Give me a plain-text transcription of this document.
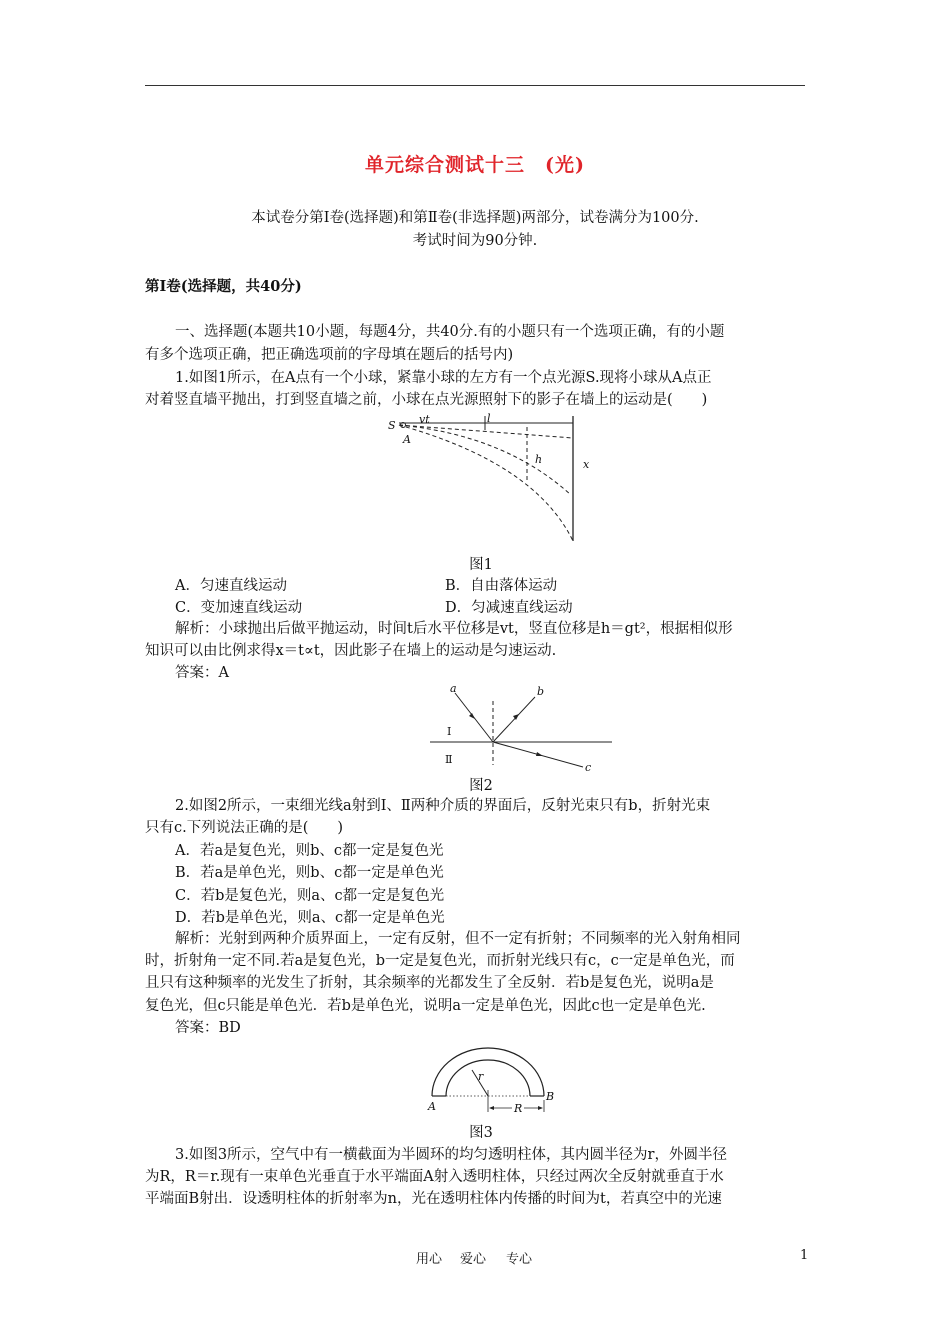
单元综合测试十三　(光)
本试卷分第Ⅰ卷(选择题)和第Ⅱ卷(非选择题)两部分，试卷满分为100分.
考试时间为90分钟.
第Ⅰ卷(选择题，共40分)
一、选择题(本题共10小题，每题4分，共40分.有的小题只有一个选项正确，有的小题
有多个选项正确，把正确选项前的字母填在题后的括号内)
1.如图1所示，在A点有一个小球，紧靠小球的左方有一个点光源S.现将小球从A点正
对着竖直墙平抛出，打到竖直墙之前，小球在点光源照射下的影子在墙上的运动是(　　)
S
A
vt	l
h	x
图1
A．匀速直线运动	B．自由落体运动
C．变加速直线运动	D．匀减速直线运动
解析：小球抛出后做平抛运动，时间t后水平位移是vt，竖直位移是h＝gt²，根据相似形
知识可以由比例求得x＝t∝t，因此影子在墙上的运动是匀速运动.
答案：A
a	b
c
Ⅰ
Ⅱ
图2
2.如图2所示，一束细光线a射到Ⅰ、Ⅱ两种介质的界面后，反射光束只有b，折射光束
只有c.下列说法正确的是(　　)
A．若a是复色光，则b、c都一定是复色光
B．若a是单色光，则b、c都一定是单色光
C．若b是复色光，则a、c都一定是复色光
D．若b是单色光，则a、c都一定是单色光
解析：光射到两种介质界面上，一定有反射，但不一定有折射；不同频率的光入射角相同
时，折射角一定不同.若a是复色光，b一定是复色光，而折射光线只有c，c一定是单色光，而
且只有这种频率的光发生了折射，其余频率的光都发生了全反射．若b是复色光，说明a是
复色光，但c只能是单色光．若b是单色光，说明a一定是单色光，因此c也一定是单色光.
答案：BD
r
R
A
B
图3
3.如图3所示，空气中有一横截面为半圆环的均匀透明柱体，其内圆半径为r，外圆半径
为R，R＝r.现有一束单色光垂直于水平端面A射入透明柱体，只经过两次全反射就垂直于水
平端面B射出．设透明柱体的折射率为n，光在透明柱体内传播的时间为t，若真空中的光速
用心 爱心 专心	1
